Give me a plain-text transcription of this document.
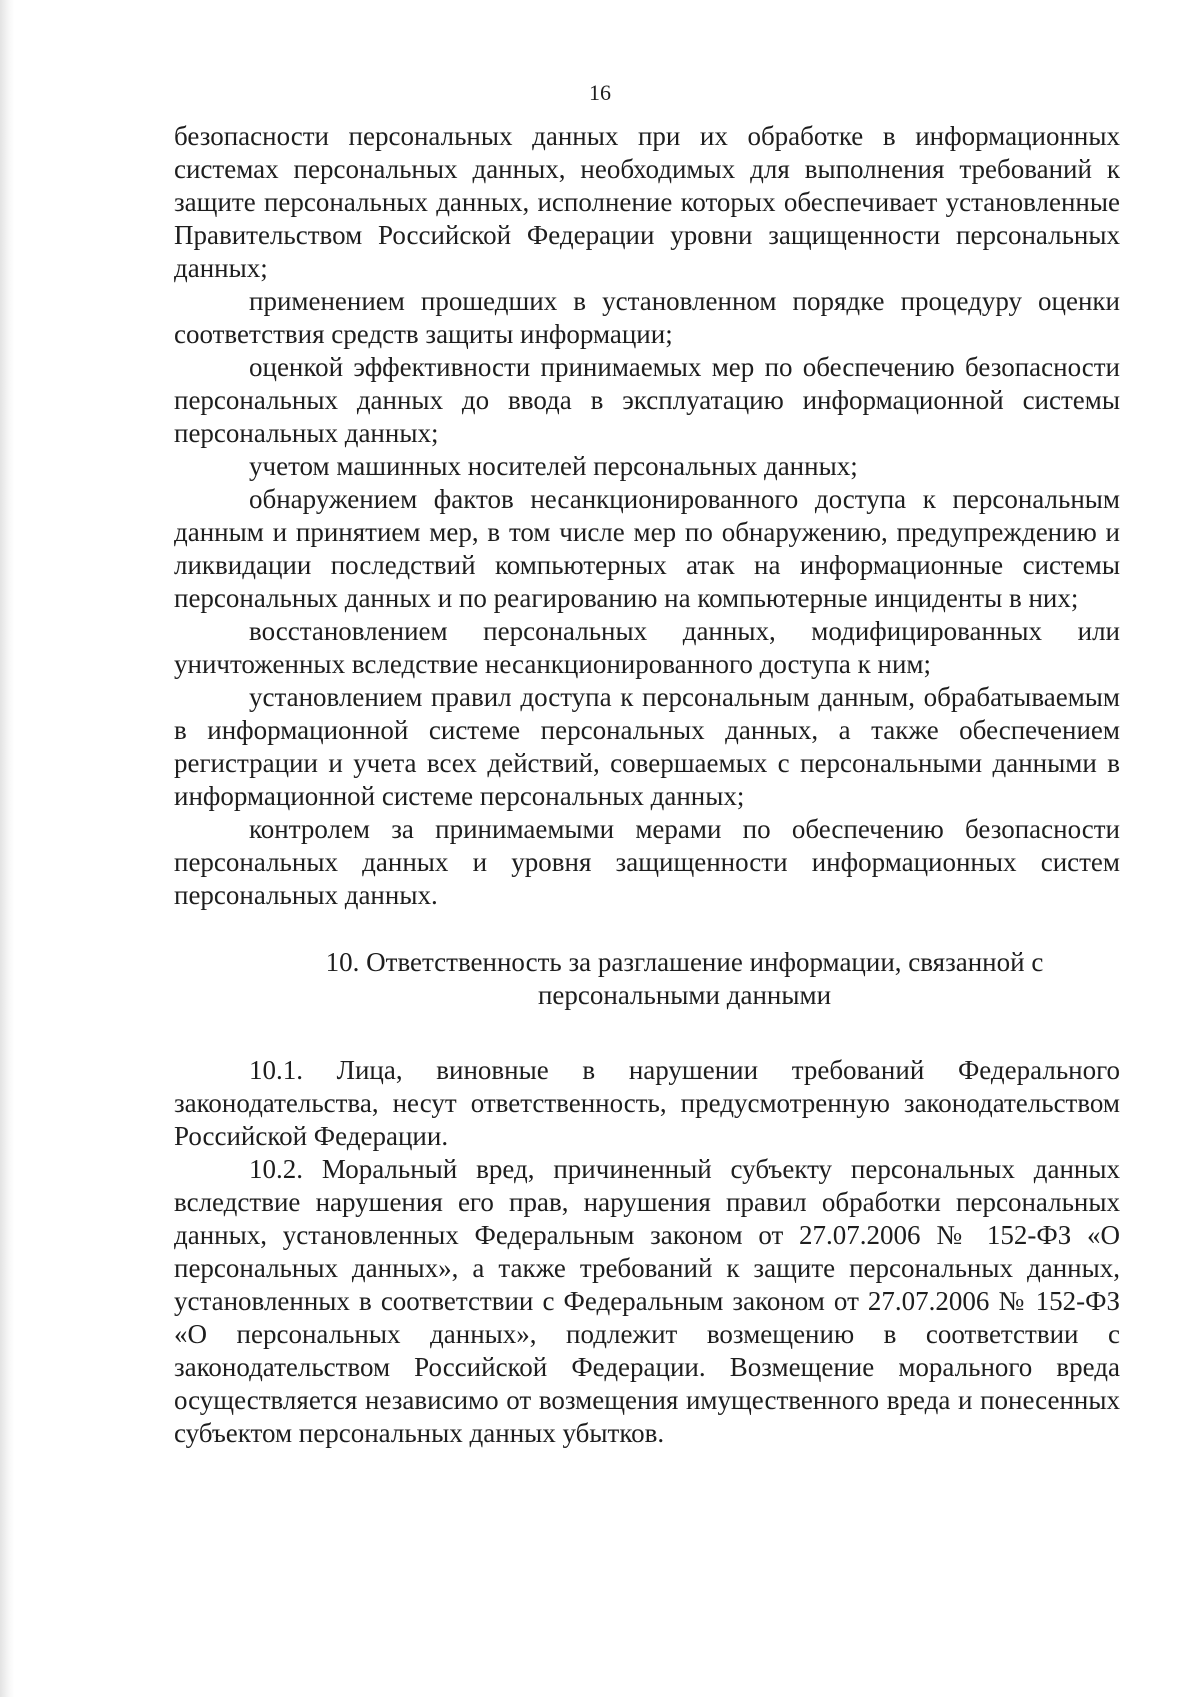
16

безопасности персональных данных при их обработке в информационных системах персональных данных, необходимых для выполнения требований к защите персональных данных, исполнение которых обеспечивает установленные Правительством Российской Федерации уровни защищенности персональных данных;

применением прошедших в установленном порядке процедуру оценки соответствия средств защиты информации;

оценкой эффективности принимаемых мер по обеспечению безопасности персональных данных до ввода в эксплуатацию информационной системы персональных данных;

учетом машинных носителей персональных данных;

обнаружением фактов несанкционированного доступа к персональным данным и принятием мер, в том числе мер по обнаружению, предупреждению и ликвидации последствий компьютерных атак на информационные системы персональных данных и по реагированию на компьютерные инциденты в них;

восстановлением персональных данных, модифицированных или уничтоженных вследствие несанкционированного доступа к ним;

установлением правил доступа к персональным данным, обрабатываемым в информационной системе персональных данных, а также обеспечением регистрации и учета всех действий, совершаемых с персональными данными в информационной системе персональных данных;

контролем за принимаемыми мерами по обеспечению безопасности персональных данных и уровня защищенности информационных систем персональных данных.

10. Ответственность за разглашение информации, связанной с
персональными данными

10.1. Лица, виновные в нарушении требований Федерального законодательства, несут ответственность, предусмотренную законодательством Российской Федерации.

10.2. Моральный вред, причиненный субъекту персональных данных вследствие нарушения его прав, нарушения правил обработки персональных данных, установленных Федеральным законом от 27.07.2006 № 152-ФЗ «О персональных данных», а также требований к защите персональных данных, установленных в соответствии с Федеральным законом от 27.07.2006 № 152-ФЗ «О персональных данных», подлежит возмещению в соответствии с законодательством Российской Федерации. Возмещение морального вреда осуществляется независимо от возмещения имущественного вреда и понесенных субъектом персональных данных убытков.
